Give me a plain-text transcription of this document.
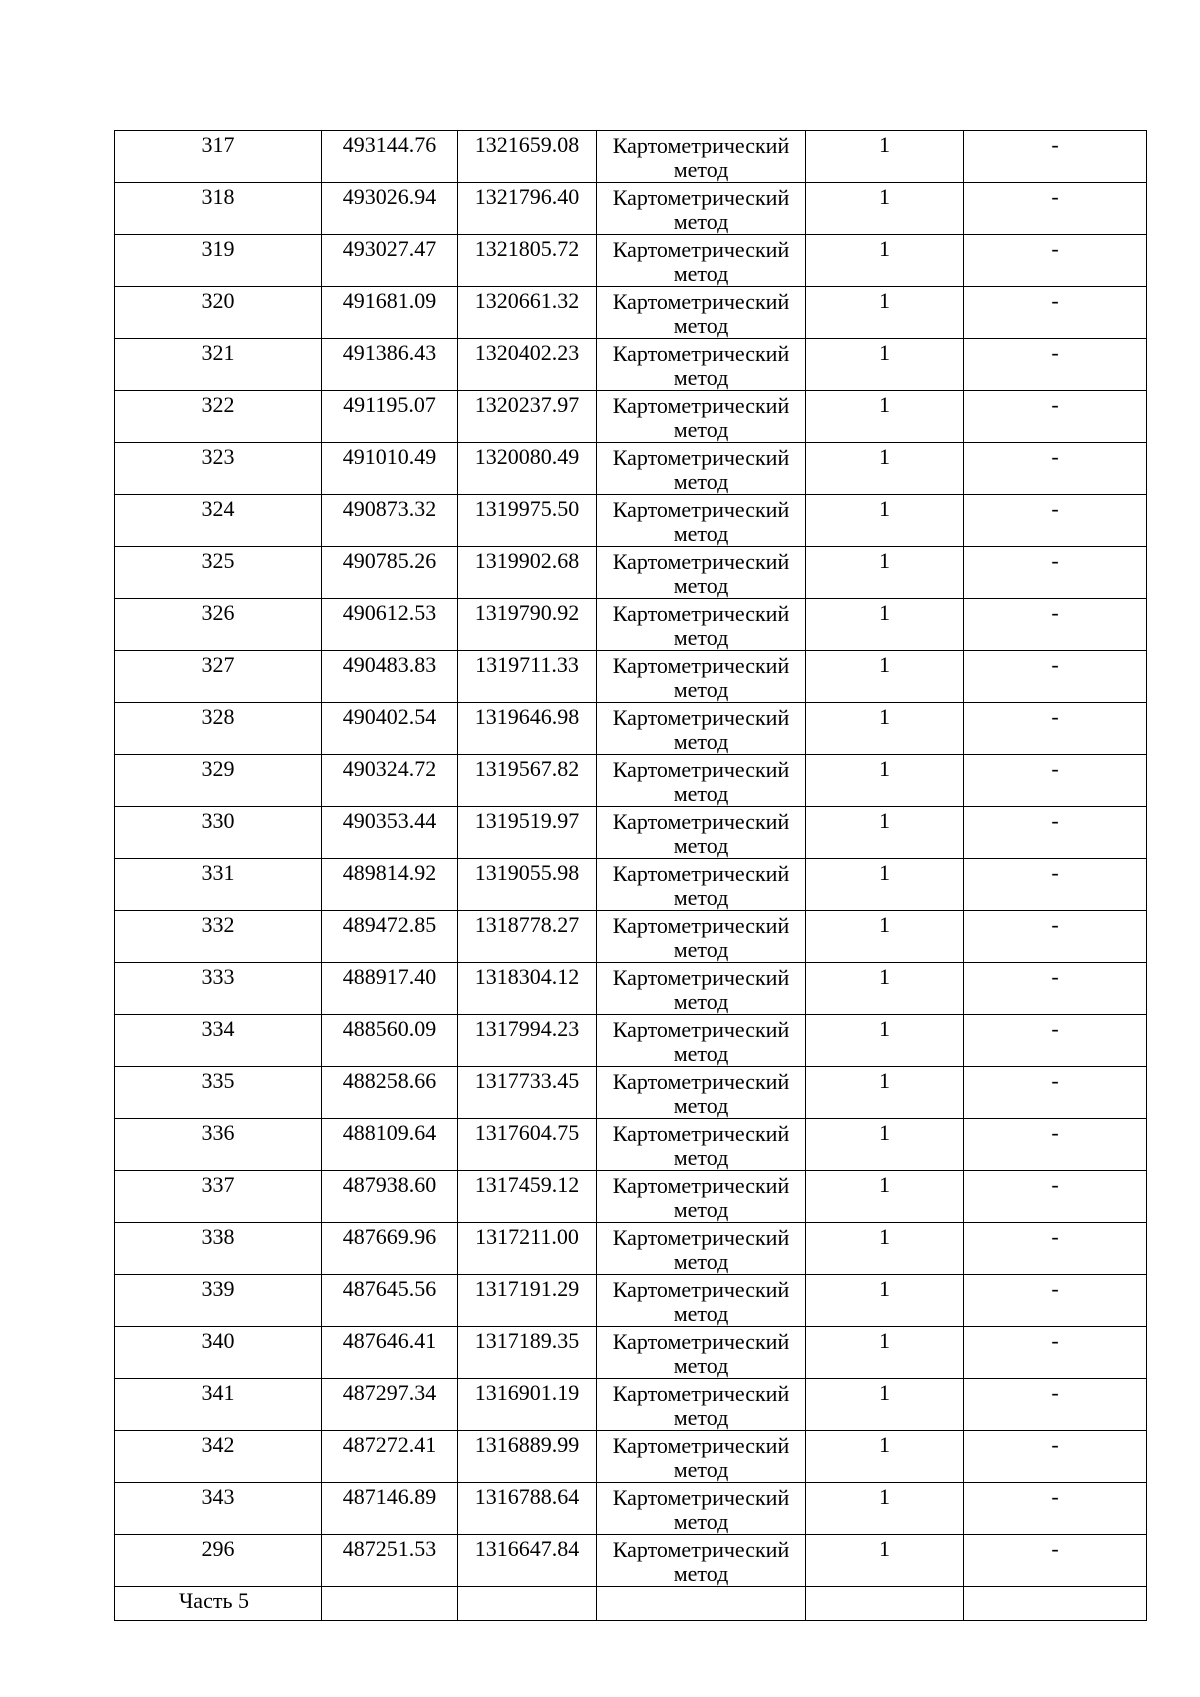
317	493144.76	1321659.08	Картометрический метод	1	-

318	493026.94	1321796.40	Картометрический метод	1	-

319	493027.47	1321805.72	Картометрический метод	1	-

320	491681.09	1320661.32	Картометрический метод	1	-

321	491386.43	1320402.23	Картометрический метод	1	-

322	491195.07	1320237.97	Картометрический метод	1	-

323	491010.49	1320080.49	Картометрический метод	1	-

324	490873.32	1319975.50	Картометрический метод	1	-

325	490785.26	1319902.68	Картометрический метод	1	-

326	490612.53	1319790.92	Картометрический метод	1	-

327	490483.83	1319711.33	Картометрический метод	1	-

328	490402.54	1319646.98	Картометрический метод	1	-

329	490324.72	1319567.82	Картометрический метод	1	-

330	490353.44	1319519.97	Картометрический метод	1	-

331	489814.92	1319055.98	Картометрический метод	1	-

332	489472.85	1318778.27	Картометрический метод	1	-

333	488917.40	1318304.12	Картометрический метод	1	-

334	488560.09	1317994.23	Картометрический метод	1	-

335	488258.66	1317733.45	Картометрический метод	1	-

336	488109.64	1317604.75	Картометрический метод	1	-

337	487938.60	1317459.12	Картометрический метод	1	-

338	487669.96	1317211.00	Картометрический метод	1	-

339	487645.56	1317191.29	Картометрический метод	1	-

340	487646.41	1317189.35	Картометрический метод	1	-

341	487297.34	1316901.19	Картометрический метод	1	-

342	487272.41	1316889.99	Картометрический метод	1	-

343	487146.89	1316788.64	Картометрический метод	1	-

296	487251.53	1316647.84	Картометрический метод	1	-

Часть 5					
